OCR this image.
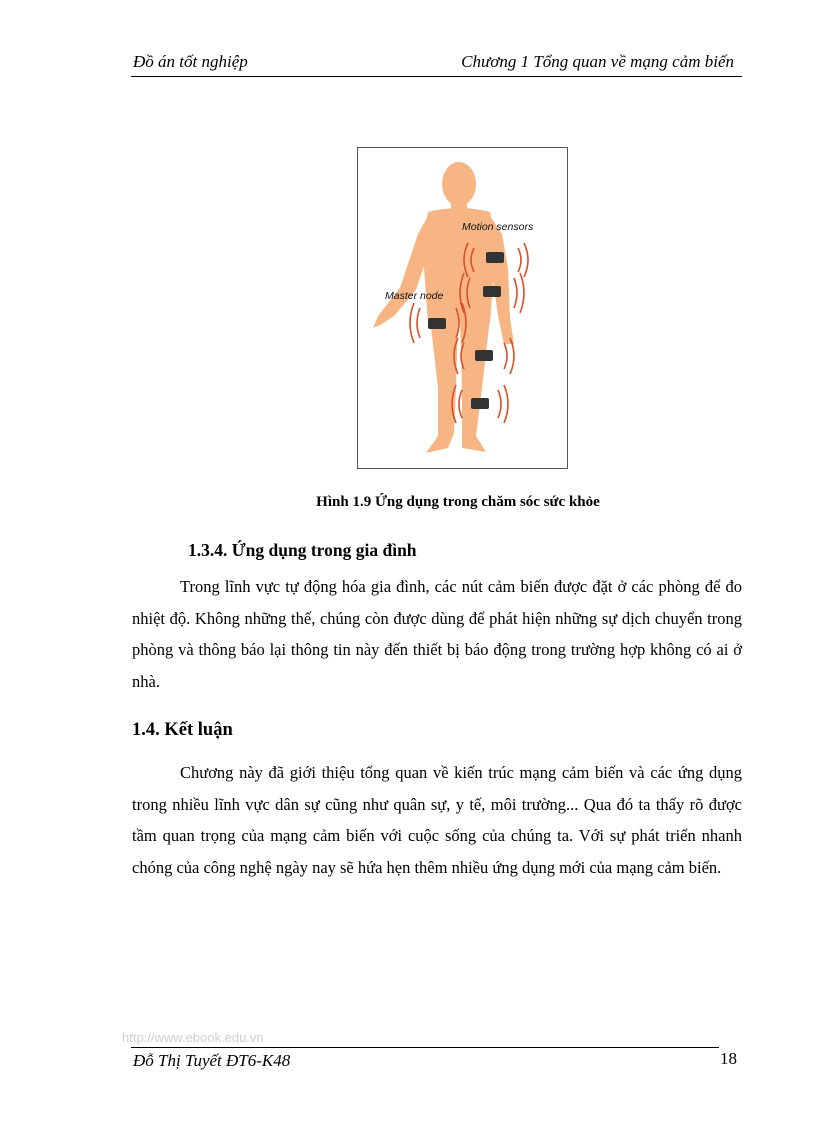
Đồ án tốt nghiệp	Chương 1 Tổng quan về mạng cảm biến
Motion sensors
Master node
Hình 1.9 Ứng dụng trong chăm sóc sức khỏe
1.3.4. Ứng dụng trong gia đình

Trong lĩnh vực tự động hóa gia đình, các nút cảm biến được đặt ở các phòng để đo nhiệt độ. Không những thế, chúng còn được dùng để phát hiện những sự dịch chuyển trong phòng và thông báo lại thông tin này đến thiết bị báo động trong trường hợp không có ai ở nhà.

1.4. Kết luận

Chương này đã giới thiệu tổng quan về kiến trúc mạng cảm biến và các ứng dụng trong nhiều lĩnh vực dân sự cũng như quân sự, y tế, môi trường... Qua đó ta thấy rõ được tầm quan trọng của mạng cảm biến với cuộc sống của chúng ta. Với sự phát triển nhanh chóng của công nghệ ngày nay sẽ hứa hẹn thêm nhiều ứng dụng mới của mạng cảm biến.

http://www.ebook.edu.vn
Đỗ Thị Tuyết ĐT6-K48	18
